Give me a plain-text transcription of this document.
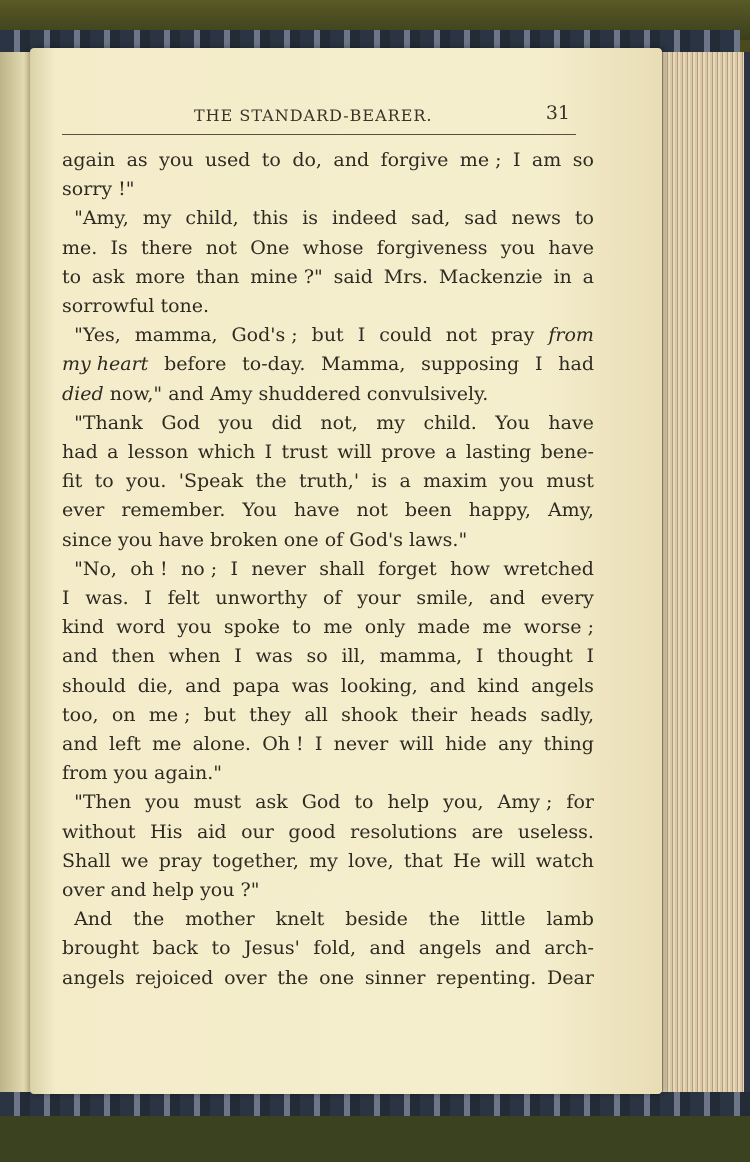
THE STANDARD-BEARER.	31
again as you used to do, and forgive me ; I am so
sorry !"
"Amy, my child, this is indeed sad, sad news to
me. Is there not One whose forgiveness you have
to ask more than mine ?" said Mrs. Mackenzie in a
sorrowful tone.
"Yes, mamma, God's ; but I could not pray from
my heart before to-day. Mamma, supposing I had
died now," and Amy shuddered convulsively.
"Thank God you did not, my child. You have
had a lesson which I trust will prove a lasting bene-
fit to you. 'Speak the truth,' is a maxim you must
ever remember. You have not been happy, Amy,
since you have broken one of God's laws."
"No, oh ! no ; I never shall forget how wretched
I was. I felt unworthy of your smile, and every
kind word you spoke to me only made me worse ;
and then when I was so ill, mamma, I thought I
should die, and papa was looking, and kind angels
too, on me ; but they all shook their heads sadly,
and left me alone. Oh ! I never will hide any thing
from you again."
"Then you must ask God to help you, Amy ; for
without His aid our good resolutions are useless.
Shall we pray together, my love, that He will watch
over and help you ?"
And the mother knelt beside the little lamb
brought back to Jesus' fold, and angels and arch-
angels rejoiced over the one sinner repenting. Dear
